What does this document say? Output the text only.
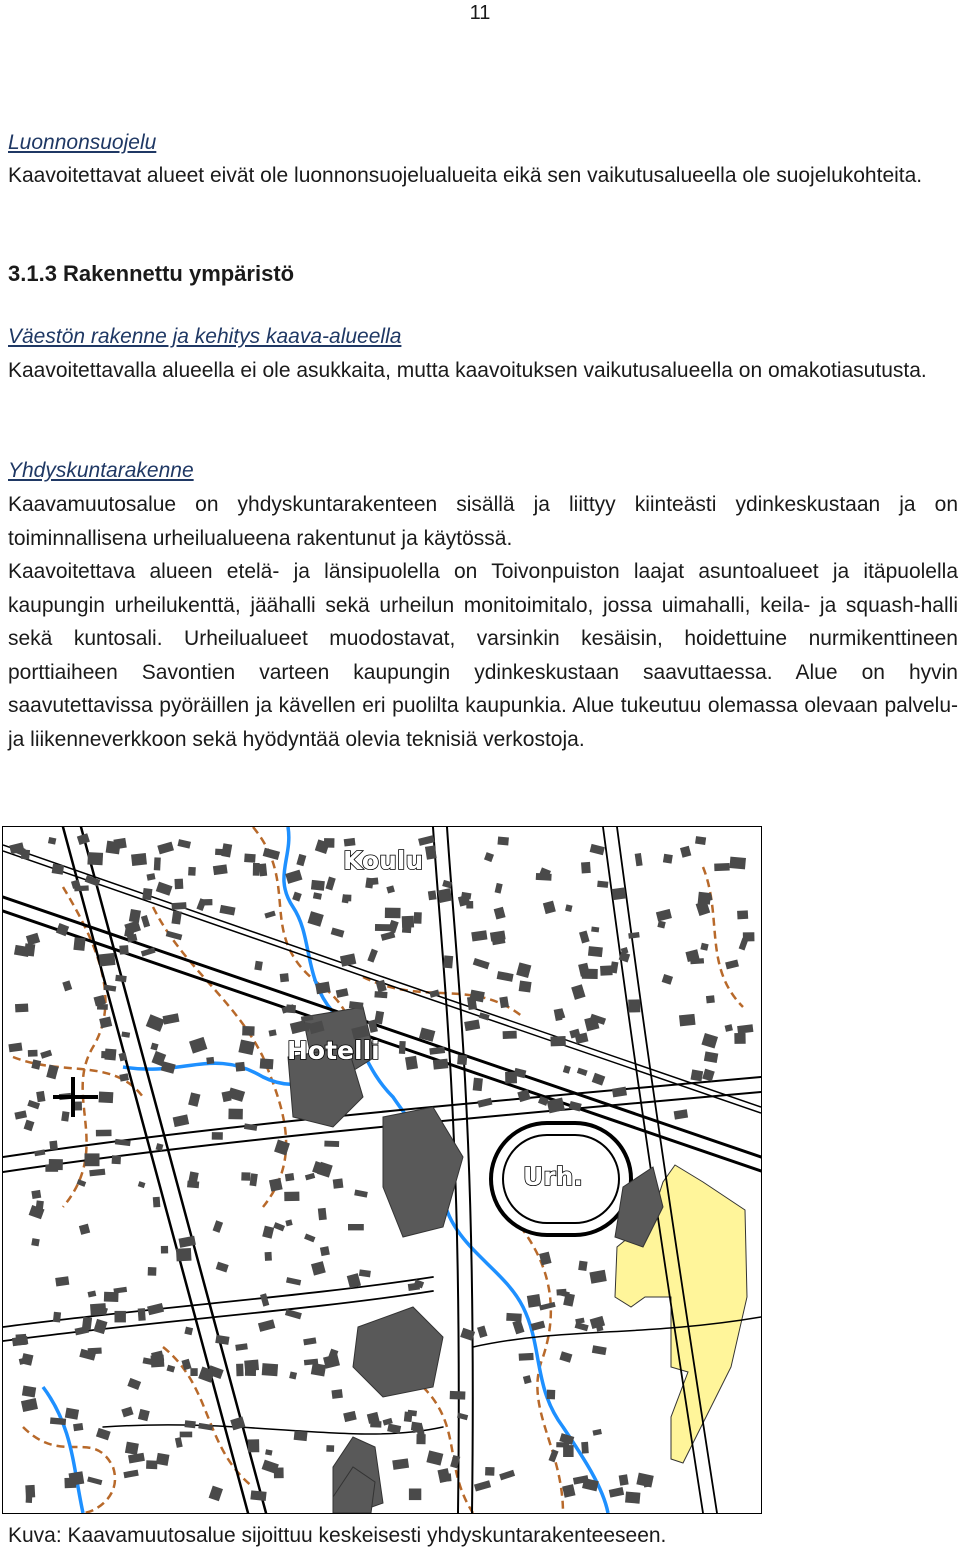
11
Luonnonsuojelu
Kaavoitettavat alueet eivät ole luonnonsuojelualueita eikä sen vaikutusalueella ole suojelukohteita.
3.1.3 Rakennettu ympäristö
Väestön rakenne ja kehitys kaava-alueella
Kaavoitettavalla alueella ei ole asukkaita, mutta kaavoituksen vaikutusalueella on omakotiasutusta.
Yhdyskuntarakenne
Kaavamuutosalue on yhdyskuntarakenteen sisällä ja liittyy kiinteästi ydinkeskustaan ja on toiminnallisena urheilualueena rakentunut ja käytössä.
Kaavoitettava alueen etelä- ja länsipuolella on Toivonpuiston laajat asuntoalueet ja itäpuolella kaupungin urheilukenttä, jäähalli sekä urheilun monitoimitalo, jossa uimahalli, keila- ja squash-halli sekä kuntosali. Urheilualueet muodostavat, varsinkin kesäisin, hoidettuine nurmikenttineen porttiaiheen Savontien varteen kaupungin ydinkeskustaan saavuttaessa. Alue on hyvin saavutettavissa pyöräillen ja kävellen eri puolilta kaupunkia. Alue tukeutuu olemassa olevaan palvelu- ja liikenneverkkoon sekä hyödyntää olevia teknisiä verkostoja.
Koulu
Hotelli
Urh.
Kuva: Kaavamuutosalue sijoittuu keskeisesti yhdyskuntarakenteeseen.
